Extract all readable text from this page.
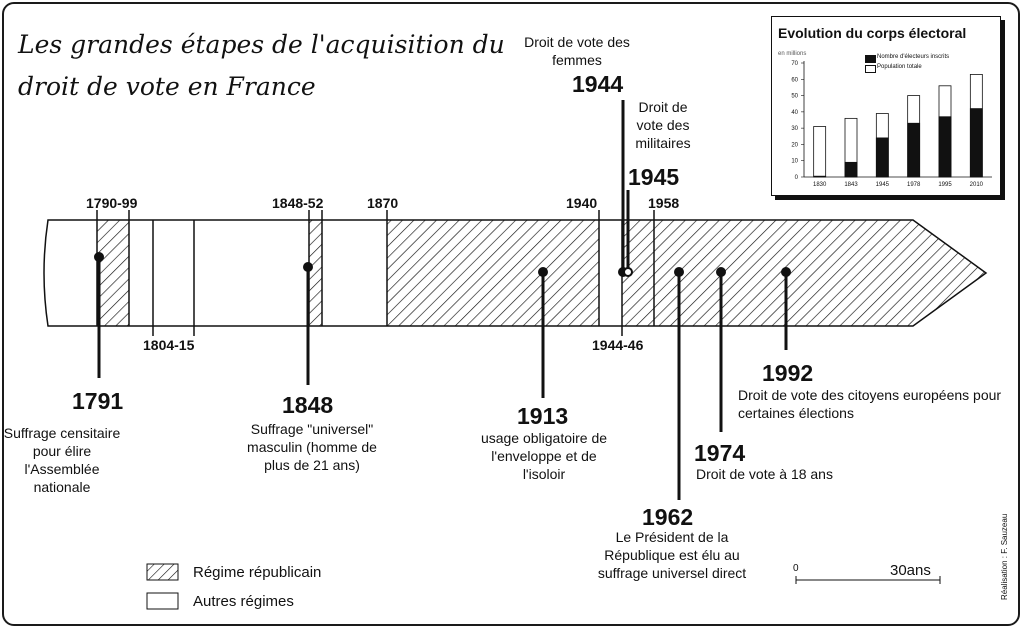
Les grandes étapes de l'acquisition du

droit de vote en France

1790-99	1848-52	1870	1940	1958

1804-15	1944-46

1791

Suffrage censitaire pour élire l'Assemblée nationale

1848

Suffrage "universel" masculin (homme de plus de 21 ans)

1913

usage obligatoire de l'enveloppe et de l'isoloir

Droit de vote des femmes

1944

Droit de vote des militaires

1945

1962

Le Président de la République est élu au suffrage universel direct

1974

Droit de vote à 18 ans

1992

Droit de vote des citoyens européens pour certaines élections

Régime républicain

Autres régimes

0	30ans	Réalisation : F. Sauzeau

Evolution du corps électoral

en millions

0
10
20
30
40
50
60
70
1830	1843	1945	1978	1995	2010

Nombre d'électeurs inscrits

Population totale
